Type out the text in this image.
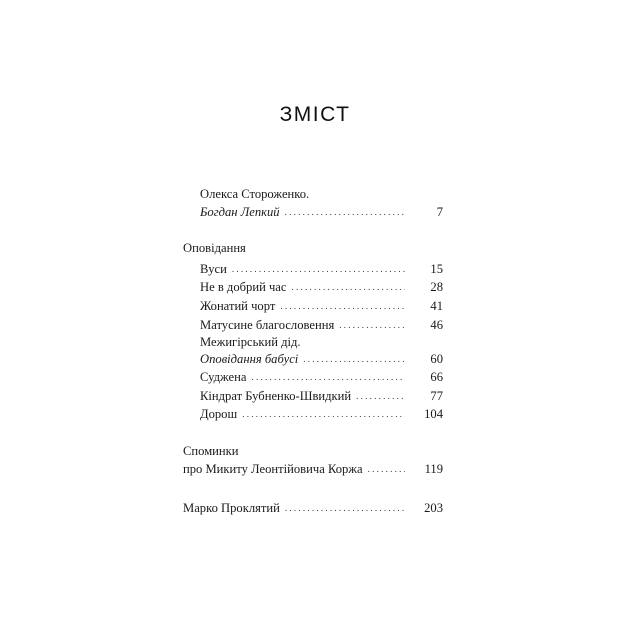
ЗМІСТ
Олекса Стороженко.
Богдан Лепкий . . .	7
Оповідання
Вуси . . .	15
Не в добрий час . . .	28
Жонатий чорт . . .	41
Матусине благословення . . .	46
Межигірський дід.
Оповідання бабусі . . .	60
Суджена . . .	66
Кіндрат Бубненко-Швидкий . . .	77
Дорош . . .	104
Споминки
про Микиту Леонтійовича Коржа . . .	119
Марко Проклятий . . .	203
